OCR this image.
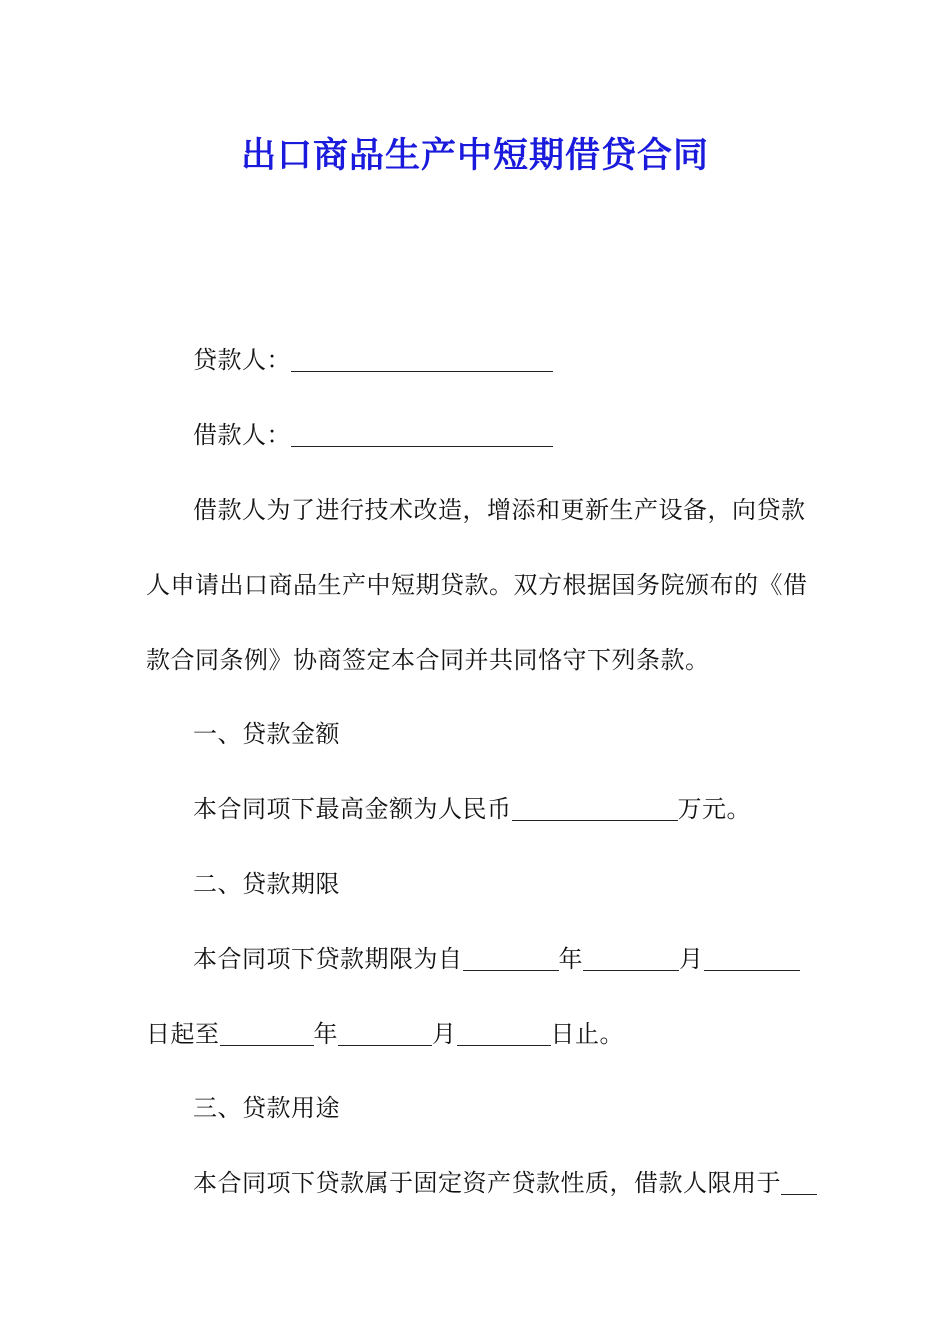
出口商品生产中短期借贷合同
贷款人：
借款人：
借款人为了进行技术改造，增添和更新生产设备，向贷款
人申请出口商品生产中短期贷款。双方根据国务院颁布的《借
款合同条例》协商签定本合同并共同恪守下列条款。
一、贷款金额
本合同项下最高金额为人民币	万元。
二、贷款期限
本合同项下贷款期限为自	年	月
日起至	年	月	日止。
三、贷款用途
本合同项下贷款属于固定资产贷款性质，借款人限用于
